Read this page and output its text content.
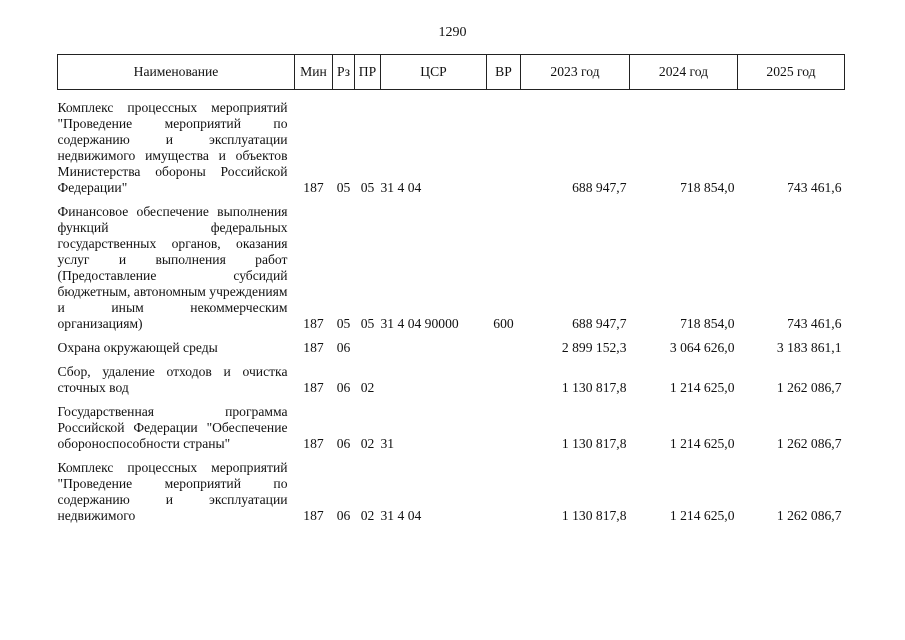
1290
Наименование	Мин	Рз	ПР	ЦСР	ВР	2023 год	2024 год	2025 год

Комплекс процессных мероприятий "Проведение мероприятий по содержанию и эксплуатации недвижимого имущества и объектов Министерства обороны Российской Федерации"	187	05	05	31 4 04		688 947,7	718 854,0	743 461,6

Финансовое обеспечение выполнения функций федеральных государственных органов, оказания услуг и выполнения работ (Предоставление субсидий бюджетным, автономным учреждениям и иным некоммерческим организациям)	187	05	05	31 4 04 90000	600	688 947,7	718 854,0	743 461,6

Охрана окружающей среды	187	06				2 899 152,3	3 064 626,0	3 183 861,1

Сбор, удаление отходов и очистка сточных вод	187	06	02			1 130 817,8	1 214 625,0	1 262 086,7

Государственная программа Российской Федерации "Обеспечение обороноспособности страны"	187	06	02	31		1 130 817,8	1 214 625,0	1 262 086,7

Комплекс процессных мероприятий "Проведение мероприятий по содержанию и эксплуатации недвижимого	187	06	02	31 4 04		1 130 817,8	1 214 625,0	1 262 086,7
